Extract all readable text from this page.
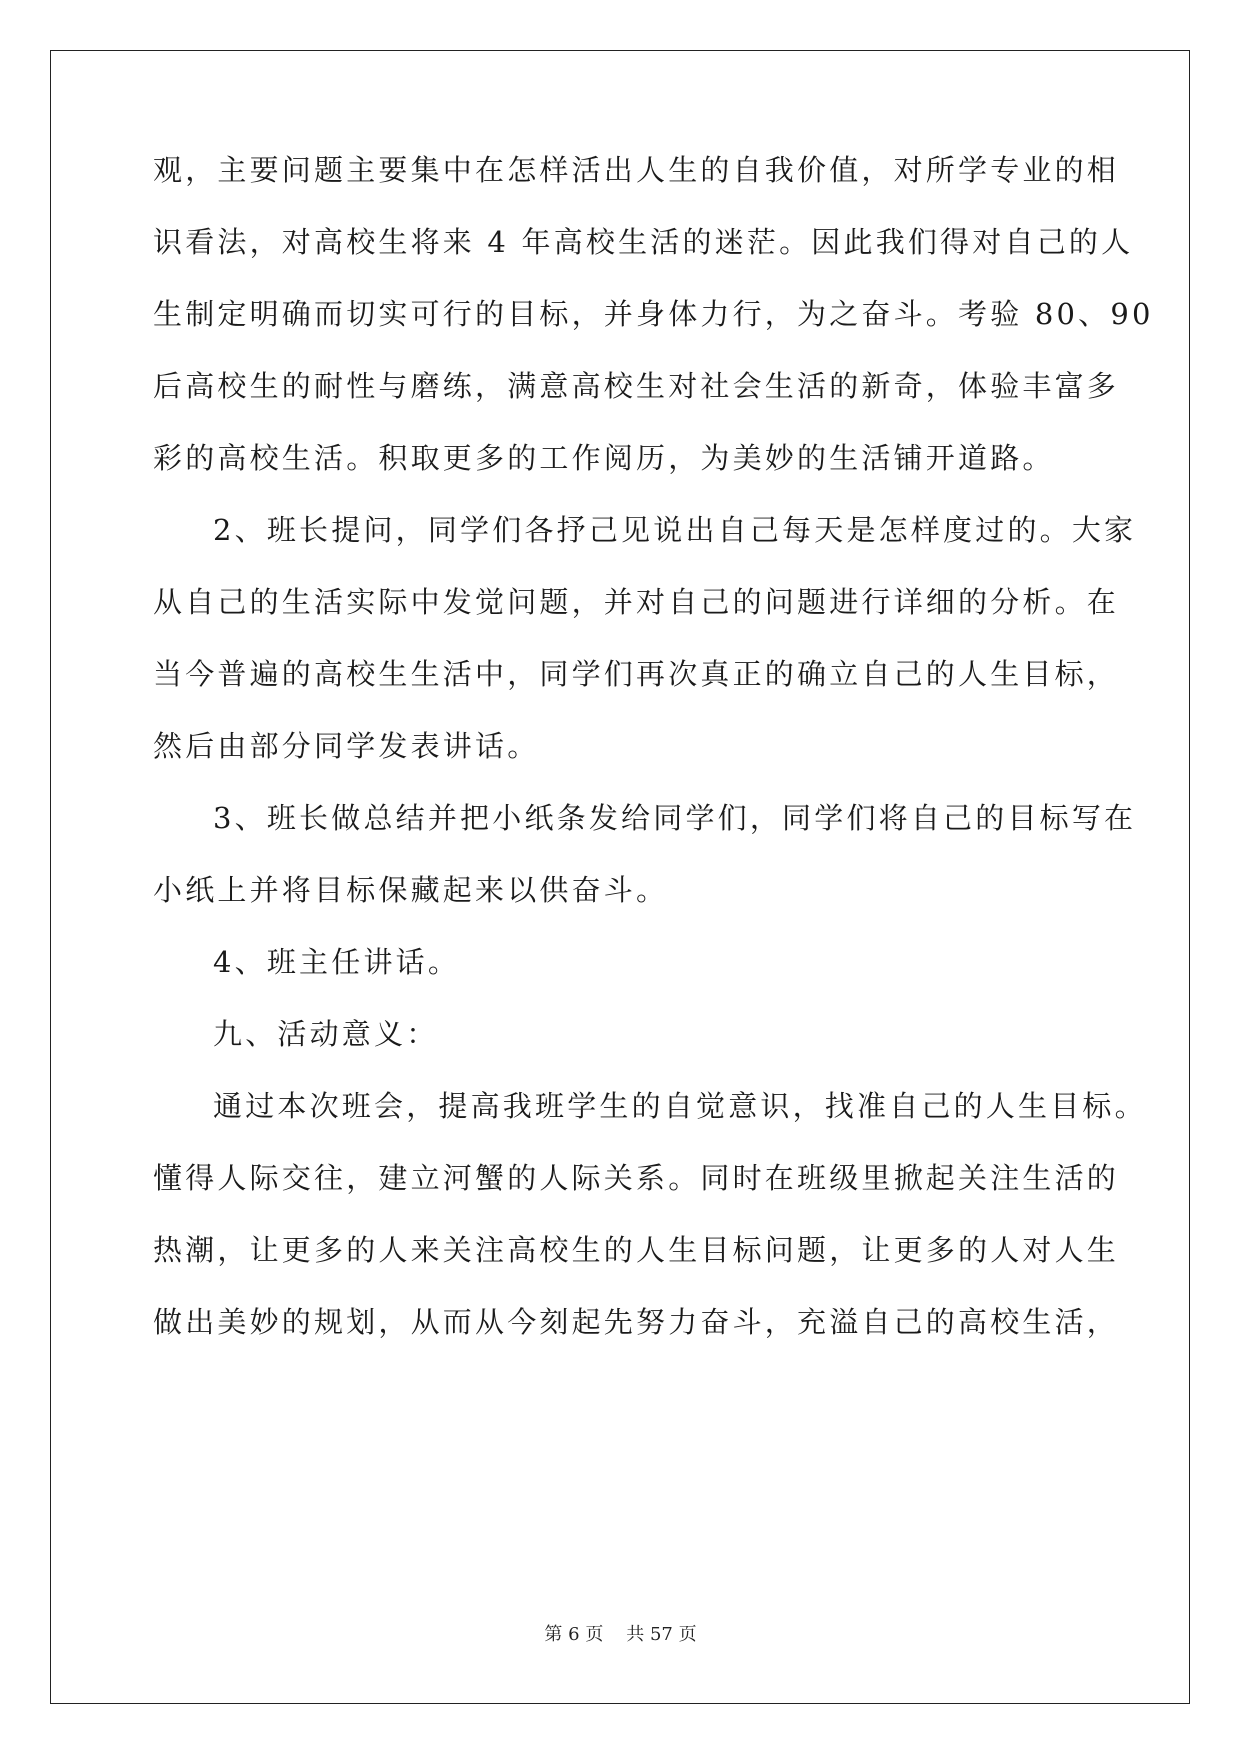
观，主要问题主要集中在怎样活出人生的自我价值，对所学专业的相
识看法，对高校生将来 4 年高校生活的迷茫。因此我们得对自己的人
生制定明确而切实可行的目标，并身体力行，为之奋斗。考验 80、90
后高校生的耐性与磨练，满意高校生对社会生活的新奇，体验丰富多
彩的高校生活。积取更多的工作阅历，为美妙的生活铺开道路。
2、班长提问，同学们各抒己见说出自己每天是怎样度过的。大家
从自己的生活实际中发觉问题，并对自己的问题进行详细的分析。在
当今普遍的高校生生活中，同学们再次真正的确立自己的人生目标，
然后由部分同学发表讲话。
3、班长做总结并把小纸条发给同学们，同学们将自己的目标写在
小纸上并将目标保藏起来以供奋斗。
4、班主任讲话。
九、活动意义：
通过本次班会，提高我班学生的自觉意识，找准自己的人生目标。
懂得人际交往，建立河蟹的人际关系。同时在班级里掀起关注生活的
热潮，让更多的人来关注高校生的人生目标问题，让更多的人对人生
做出美妙的规划，从而从今刻起先努力奋斗，充溢自己的高校生活，
第 6 页 共 57 页
